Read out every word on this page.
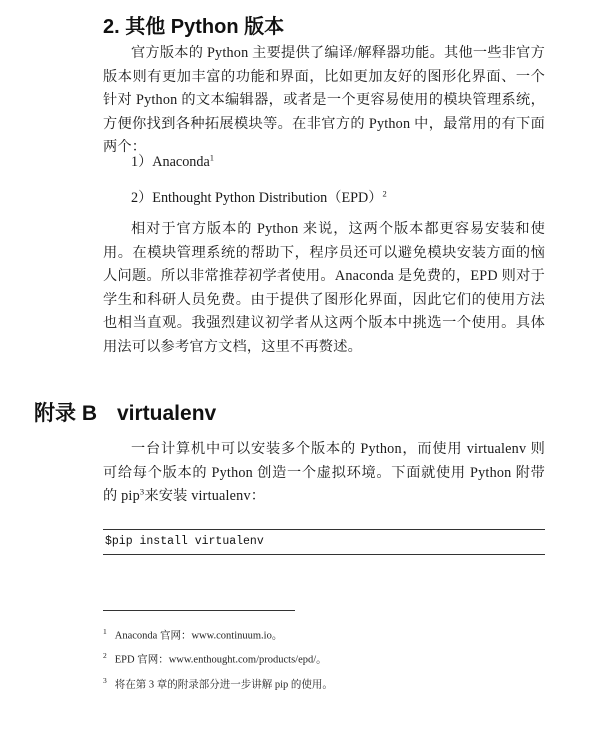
2. 其他 Python 版本

官方版本的 Python 主要提供了编译/解释器功能。其他一些非官方版本则有更加丰富的功能和界面，比如更加友好的图形化界面、一个针对 Python 的文本编辑器，或者是一个更容易使用的模块管理系统，方便你找到各种拓展模块等。在非官方的 Python 中，最常用的有下面两个：

1）Anaconda$^1$
2）Enthought Python Distribution（EPD）$^2$

相对于官方版本的 Python 来说，这两个版本都更容易安装和使用。在模块管理系统的帮助下，程序员还可以避免模块安装方面的恼人问题。所以非常推荐初学者使用。Anaconda 是免费的，EPD 则对于学生和科研人员免费。由于提供了图形化界面，因此它们的使用方法也相当直观。我强烈建议初学者从这两个版本中挑选一个使用。具体用法可以参考官方文档，这里不再赘述。

附录 B virtualenv

一台计算机中可以安装多个版本的 Python，而使用 virtualenv 则可给每个版本的 Python 创造一个虚拟环境。下面就使用 Python 附带的 pip$^3$来安装 virtualenv：

$pip install virtualenv
$^1$ Anaconda 官网：www.continuum.io。
$^2$ EPD 官网：www.enthought.com/products/epd/。
$^3$ 将在第 3 章的附录部分进一步讲解 pip 的使用。
